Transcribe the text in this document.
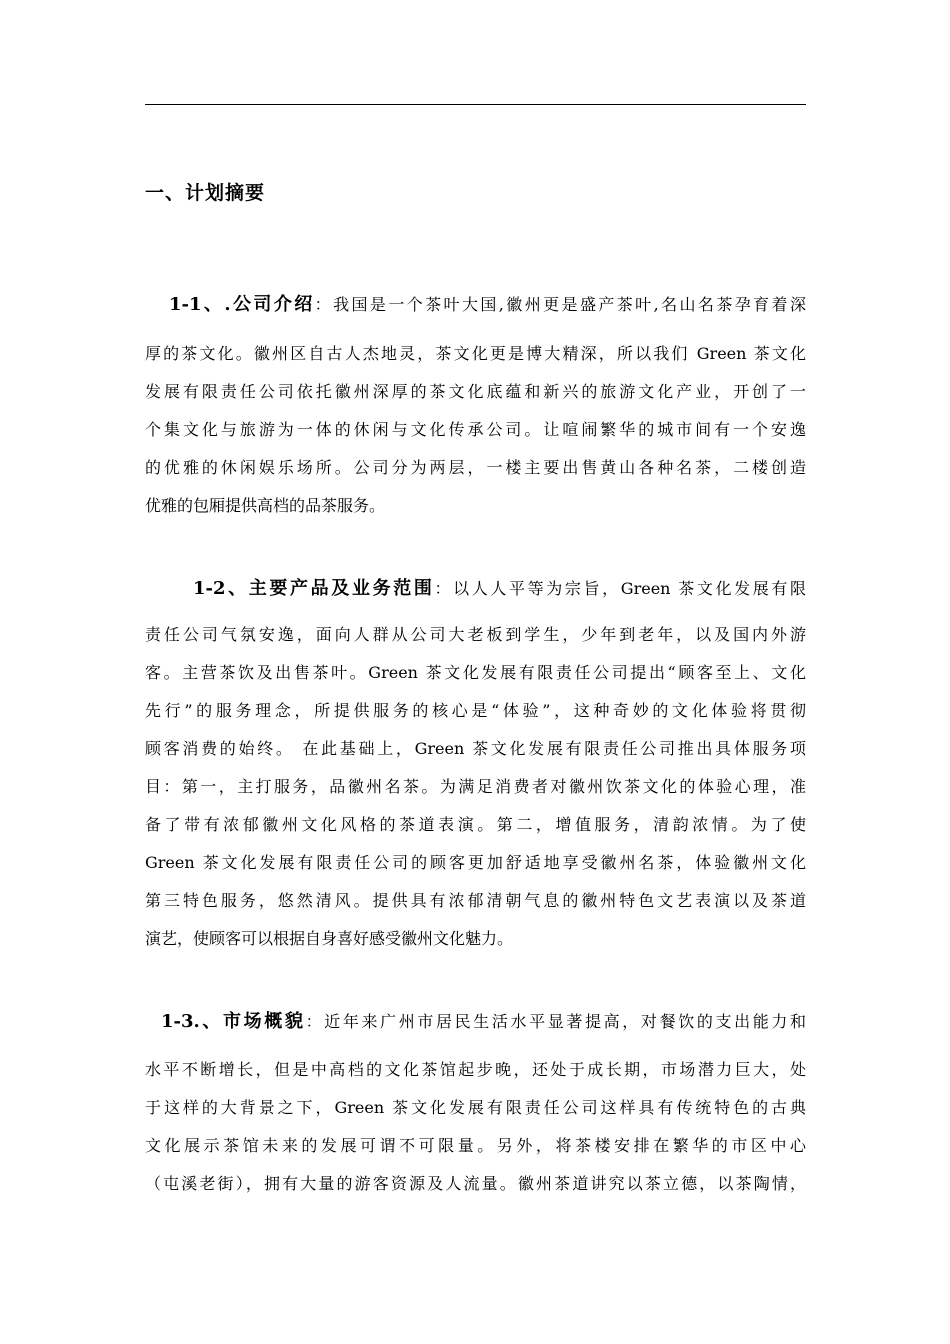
一、计划摘要
1-1、.公司介绍：我国是一个茶叶大国,徽州更是盛产茶叶,名山名茶孕育着深
厚的茶文化。徽州区自古人杰地灵，茶文化更是博大精深，所以我们 Green 茶文化
发展有限责任公司依托徽州深厚的茶文化底蕴和新兴的旅游文化产业，开创了一
个集文化与旅游为一体的休闲与文化传承公司。让喧闹繁华的城市间有一个安逸
的优雅的休闲娱乐场所。公司分为两层，一楼主要出售黄山各种名茶，二楼创造
优雅的包厢提供高档的品茶服务。
1-2、主要产品及业务范围：以人人平等为宗旨，Green 茶文化发展有限
责任公司气氛安逸，面向人群从公司大老板到学生，少年到老年，以及国内外游
客。主营茶饮及出售茶叶。Green 茶文化发展有限责任公司提出“顾客至上、文化
先行”的服务理念，所提供服务的核心是“体验”，这种奇妙的文化体验将贯彻
顾客消费的始终。 在此基础上，Green 茶文化发展有限责任公司推出具体服务项
目：第一，主打服务，品徽州名茶。为满足消费者对徽州饮茶文化的体验心理，准
备了带有浓郁徽州文化风格的茶道表演。第二，增值服务，清韵浓情。为了使
Green 茶文化发展有限责任公司的顾客更加舒适地享受徽州名茶，体验徽州文化
第三特色服务，悠然清风。提供具有浓郁清朝气息的徽州特色文艺表演以及茶道
演艺，使顾客可以根据自身喜好感受徽州文化魅力。
1-3.、市场概貌：近年来广州市居民生活水平显著提高，对餐饮的支出能力和
水平不断增长，但是中高档的文化茶馆起步晚，还处于成长期，市场潜力巨大，处
于这样的大背景之下，Green 茶文化发展有限责任公司这样具有传统特色的古典
文化展示茶馆未来的发展可谓不可限量。另外，将茶楼安排在繁华的市区中心
（屯溪老街），拥有大量的游客资源及人流量。徽州茶道讲究以茶立德，以茶陶情，
